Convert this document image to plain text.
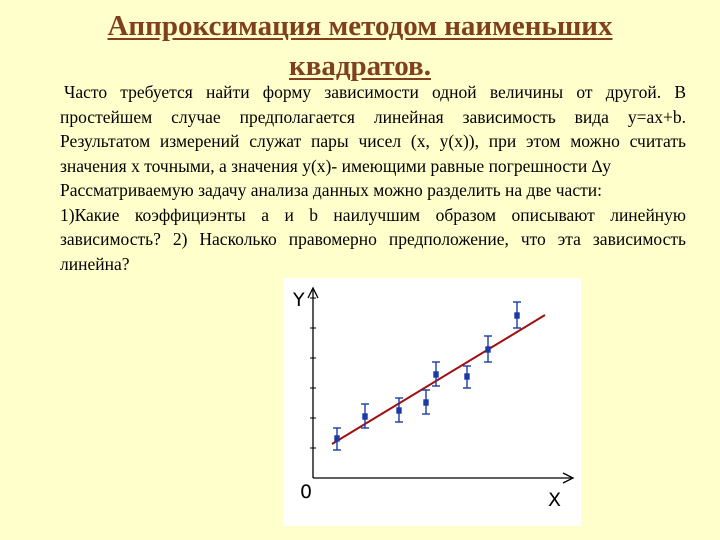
Аппроксимация методом наименьших
квадратов.

Часто требуется найти форму зависимости одной величины от другой. В простейшем случае предполагается линейная зависимость вида y=ax+b. Результатом измерений служат пары чисел (x, y(x)), при этом можно считать значения x точными, а значения y(x)- имеющими равные погрешности ∆y

Рассматриваемую задачу анализа данных можно разделить на две части:

1)Какие коэффициэнты a и b наилучшим образом описывают линейную зависимость? 2) Насколько правомерно предположение, что эта зависимость линейна?

Y
X
0
